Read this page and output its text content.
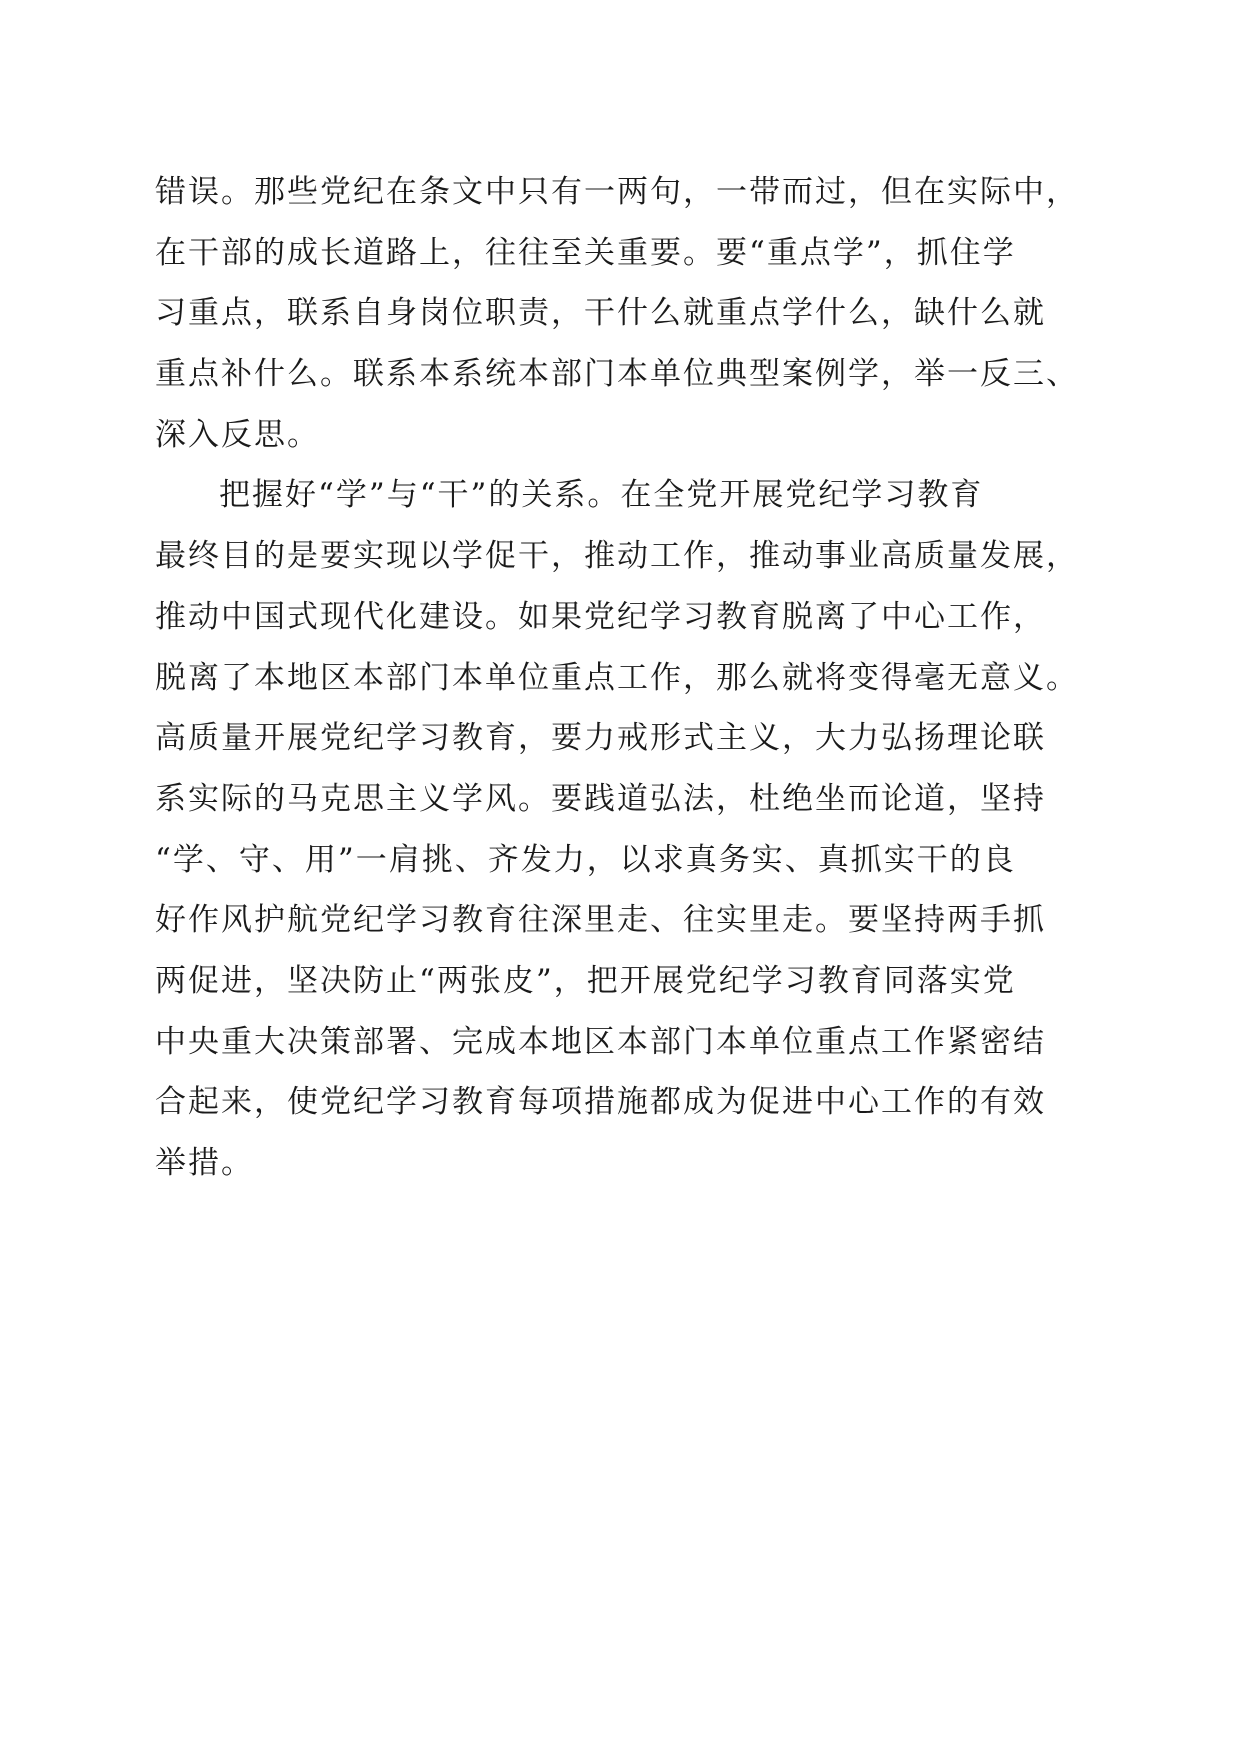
错误。那些党纪在条文中只有一两句，一带而过，但在实际中，
在干部的成长道路上，往往至关重要。要“重点学”，抓住学
习重点，联系自身岗位职责，干什么就重点学什么，缺什么就
重点补什么。联系本系统本部门本单位典型案例学，举一反三、
深入反思。
把握好“学”与“干”的关系。在全党开展党纪学习教育
最终目的是要实现以学促干，推动工作，推动事业高质量发展，
推动中国式现代化建设。如果党纪学习教育脱离了中心工作，
脱离了本地区本部门本单位重点工作，那么就将变得毫无意义。
高质量开展党纪学习教育，要力戒形式主义，大力弘扬理论联
系实际的马克思主义学风。要践道弘法，杜绝坐而论道，坚持
“学、守、用”一肩挑、齐发力，以求真务实、真抓实干的良
好作风护航党纪学习教育往深里走、往实里走。要坚持两手抓
两促进，坚决防止“两张皮”，把开展党纪学习教育同落实党
中央重大决策部署、完成本地区本部门本单位重点工作紧密结
合起来，使党纪学习教育每项措施都成为促进中心工作的有效
举措。
